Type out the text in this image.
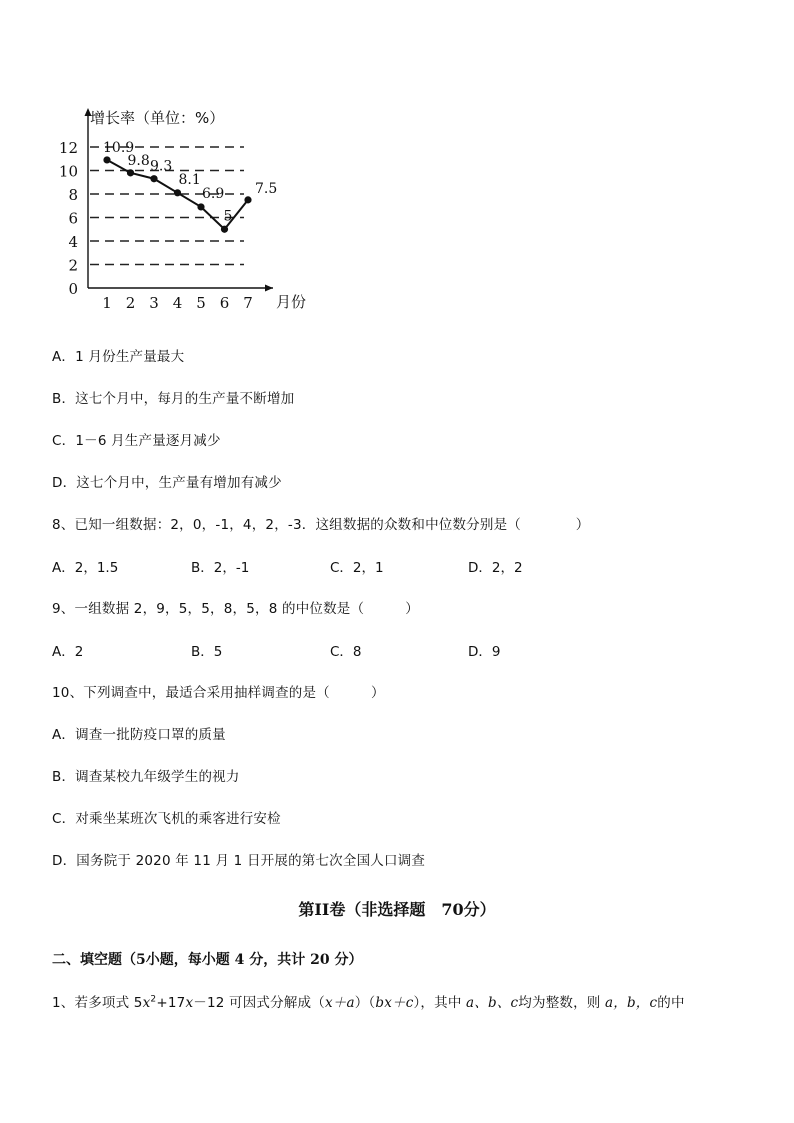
增长率（单位：%）
0
2
4
6
8
10
12
1 2 3 4 5 6 7 月份
10.9
9.8 9.3
8.1
6.9
5
7.5
A．1 月份生产量最大
B．这七个月中，每月的生产量不断增加
C．1－6 月生产量逐月减少
D．这七个月中，生产量有增加有减少
8、已知一组数据：2，0，-1，4，2，-3．这组数据的众数和中位数分别是（　　　　）
A．2，1.5	B．2，-1	C．2，1	D．2，2
9、一组数据 2，9，5，5，8，5，8 的中位数是（　　　）
A．2	B．5	C．8	D．9
10、下列调查中，最适合采用抽样调查的是（　　　）
A．调查一批防疫口罩的质量
B．调查某校九年级学生的视力
C．对乘坐某班次飞机的乘客进行安检
D．国务院于 2020 年 11 月 1 日开展的第七次全国人口调查
第II卷（非选择题　70分）
二、填空题（5小题，每小题 4 分，共计 20 分）
1、若多项式 $5x^2+17x-12$ 可因式分解成（x＋a）（bx＋c），其中 a、b、c均为整数，则 a，b，c的中
